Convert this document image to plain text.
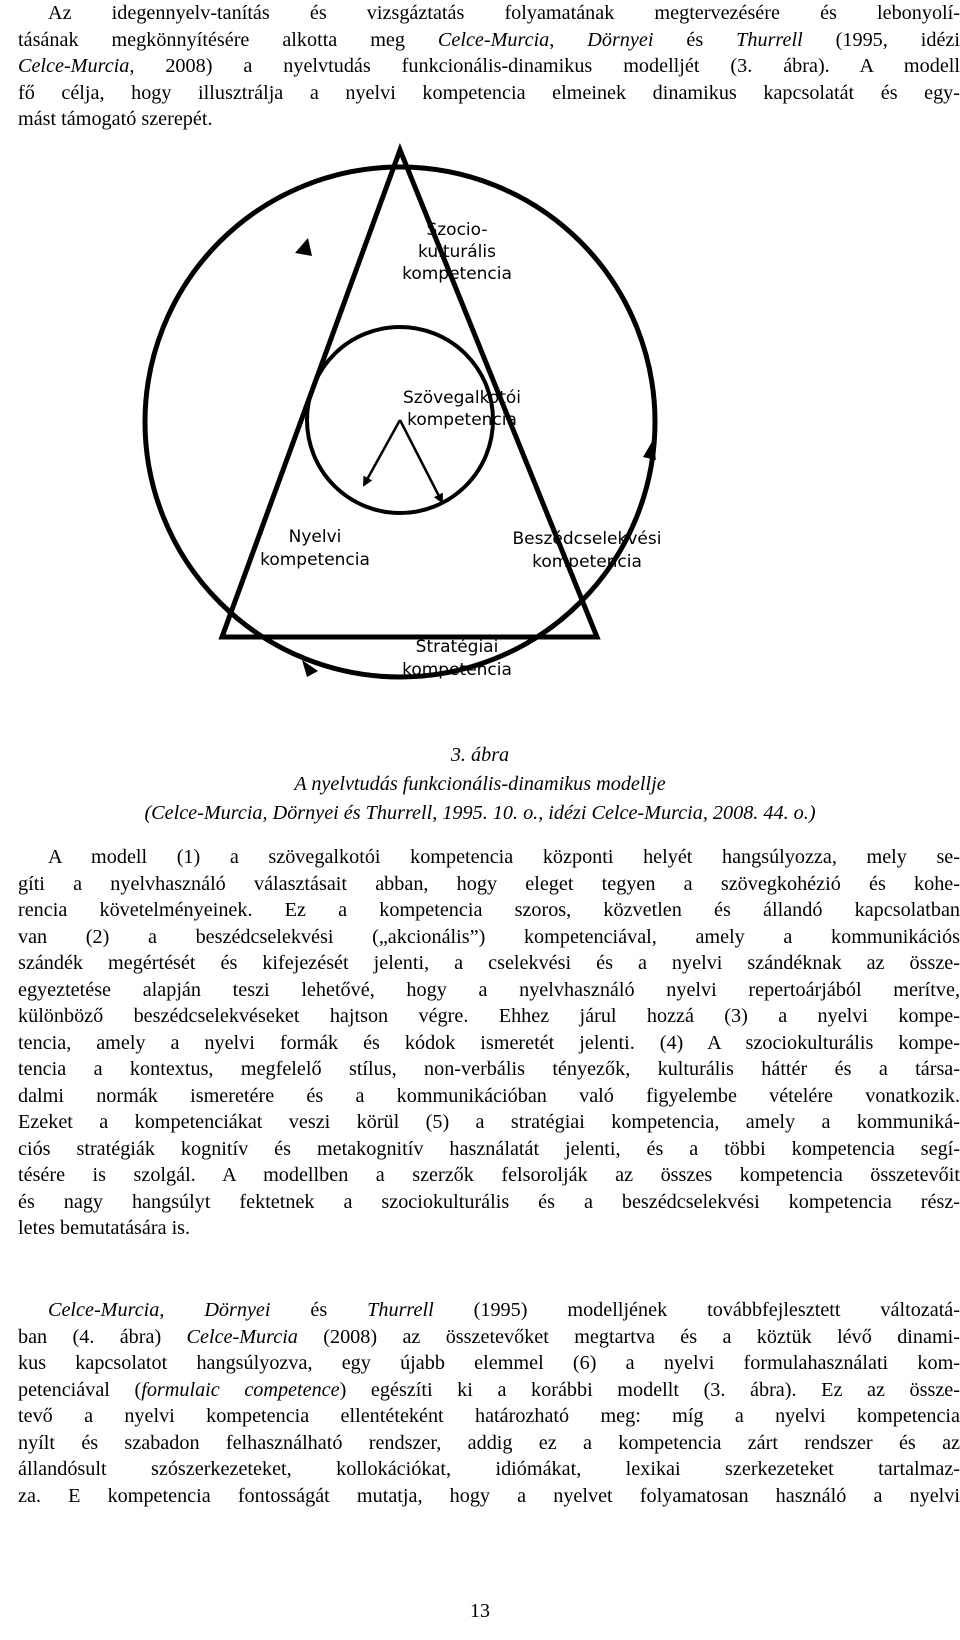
Az idegennyelv-tanítás és vizsgáztatás folyamatának megtervezésére és lebonyolí-
tásának megkönnyítésére alkotta meg Celce-Murcia, Dörnyei és Thurrell (1995, idézi
Celce-Murcia, 2008) a nyelvtudás funkcionális-dinamikus modelljét (3. ábra). A modell
fő célja, hogy illusztrálja a nyelvi kompetencia elmeinek dinamikus kapcsolatát és egy-
mást támogató szerepét.
Szocio-
kulturális
kompetencia
Szövegalkotói
kompetencia
Nyelvi
kompetencia
Beszédcselekvési
kompetencia
Stratégiai
kompetencia
3. ábra
A nyelvtudás funkcionális-dinamikus modellje
(Celce-Murcia, Dörnyei és Thurrell, 1995. 10. o., idézi Celce-Murcia, 2008. 44. o.)
A modell (1) a szövegalkotói kompetencia központi helyét hangsúlyozza, mely se-
gíti a nyelvhasználó választásait abban, hogy eleget tegyen a szövegkohézió és kohe-
rencia követelményeinek. Ez a kompetencia szoros, közvetlen és állandó kapcsolatban
van (2) a beszédcselekvési („akcionális”) kompetenciával, amely a kommunikációs
szándék megértését és kifejezését jelenti, a cselekvési és a nyelvi szándéknak az össze-
egyeztetése alapján teszi lehetővé, hogy a nyelvhasználó nyelvi repertoárjából merítve,
különböző beszédcselekvéseket hajtson végre. Ehhez járul hozzá (3) a nyelvi kompe-
tencia, amely a nyelvi formák és kódok ismeretét jelenti. (4) A szociokulturális kompe-
tencia a kontextus, megfelelő stílus, non-verbális tényezők, kulturális háttér és a társa-
dalmi normák ismeretére és a kommunikációban való figyelembe vételére vonatkozik.
Ezeket a kompetenciákat veszi körül (5) a stratégiai kompetencia, amely a kommuniká-
ciós stratégiák kognitív és metakognitív használatát jelenti, és a többi kompetencia segí-
tésére is szolgál. A modellben a szerzők felsorolják az összes kompetencia összetevőit
és nagy hangsúlyt fektetnek a szociokulturális és a beszédcselekvési kompetencia rész-
letes bemutatására is.
Celce-Murcia, Dörnyei és Thurrell (1995) modelljének továbbfejlesztett változatá-
ban (4. ábra) Celce-Murcia (2008) az összetevőket megtartva és a köztük lévő dinami-
kus kapcsolatot hangsúlyozva, egy újabb elemmel (6) a nyelvi formulahasználati kom-
petenciával (formulaic competence) egészíti ki a korábbi modellt (3. ábra). Ez az össze-
tevő a nyelvi kompetencia ellentéteként határozható meg: míg a nyelvi kompetencia
nyílt és szabadon felhasználható rendszer, addig ez a kompetencia zárt rendszer és az
állandósult szószerkezeteket, kollokációkat, idiómákat, lexikai szerkezeteket tartalmaz-
za. E kompetencia fontosságát mutatja, hogy a nyelvet folyamatosan használó a nyelvi
13
